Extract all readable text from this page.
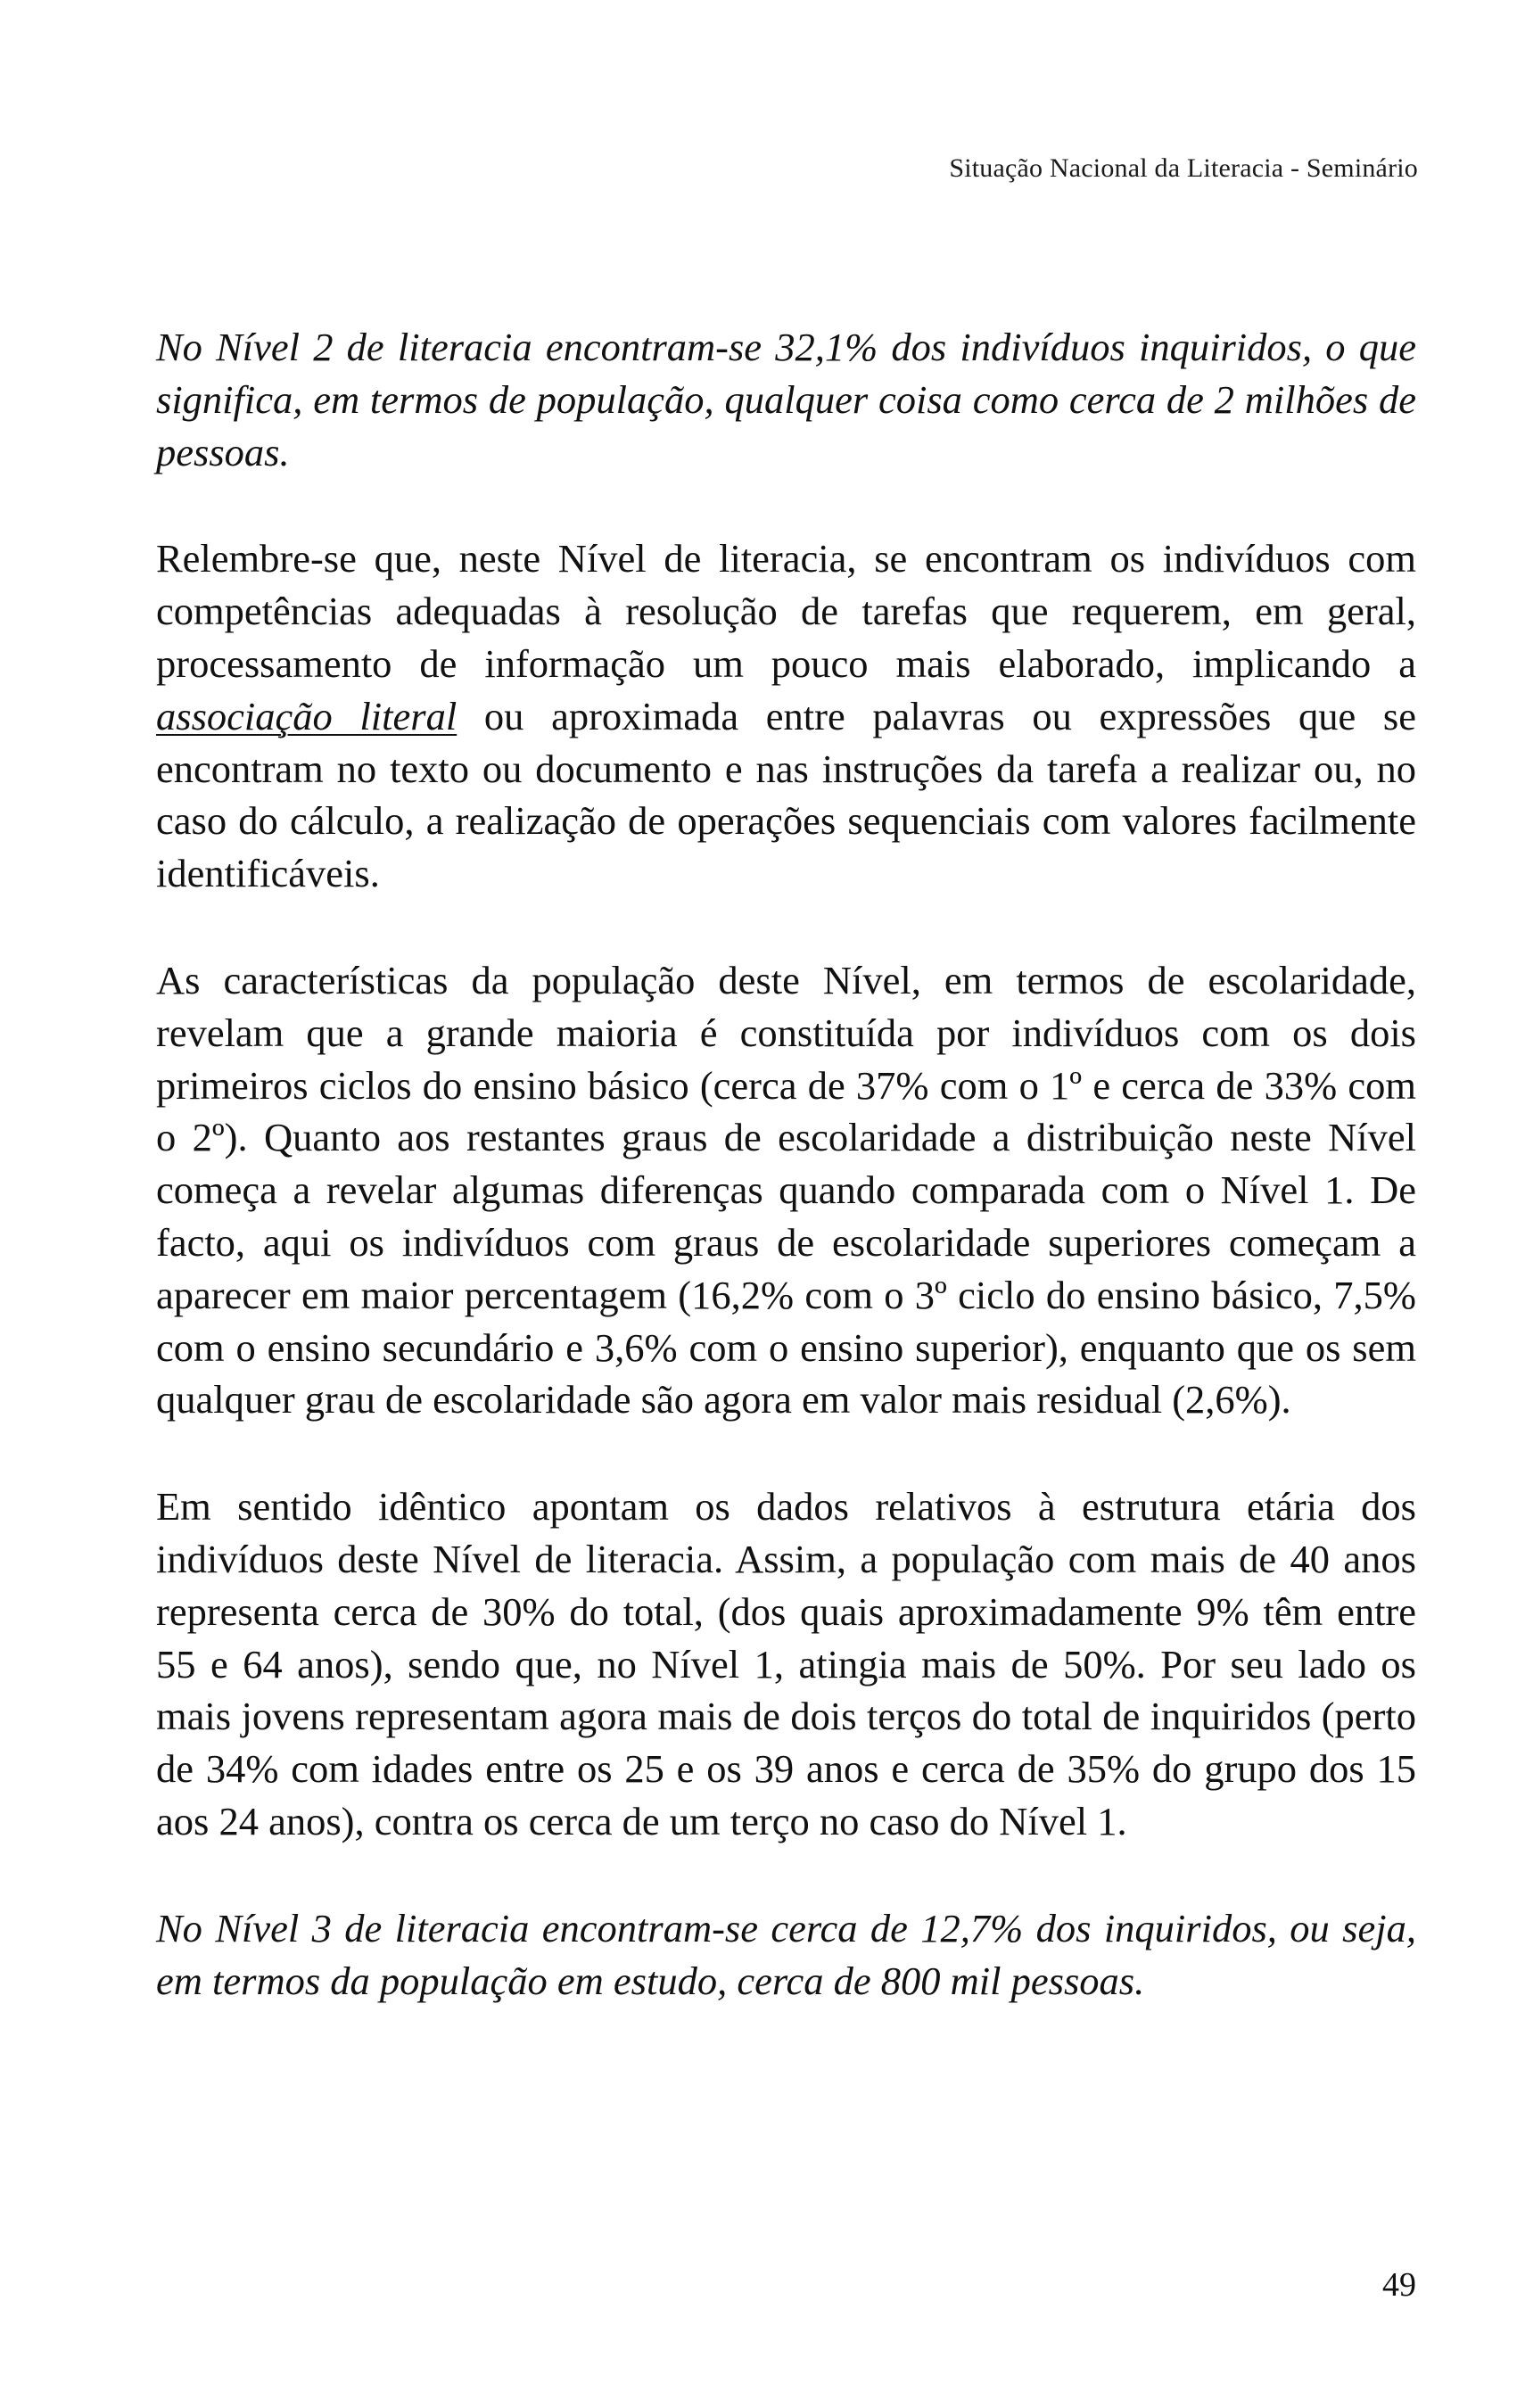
Situação Nacional da Literacia - Seminário

No Nível 2 de literacia encontram-se 32,1% dos indivíduos inquiridos, o que significa, em termos de população, qualquer coisa como cerca de 2 milhões de pessoas.

Relembre-se que, neste Nível de literacia, se encontram os indivíduos com competências adequadas à resolução de tarefas que requerem, em geral, processamento de informação um pouco mais elaborado, implicando a associação literal ou aproximada entre palavras ou expressões que se encontram no texto ou documento e nas instruções da tarefa a realizar ou, no caso do cálculo, a realização de operações sequenciais com valores facilmente identificáveis.

As características da população deste Nível, em termos de escolaridade, revelam que a grande maioria é constituída por indivíduos com os dois primeiros ciclos do ensino básico (cerca de 37% com o 1º e cerca de 33% com o 2º). Quanto aos restantes graus de escolaridade a distribuição neste Nível começa a revelar algumas diferenças quando comparada com o Nível 1. De facto, aqui os indivíduos com graus de escolaridade superiores começam a aparecer em maior percentagem (16,2% com o 3º ciclo do ensino básico, 7,5% com o ensino secundário e 3,6% com o ensino superior), enquanto que os sem qualquer grau de escolaridade são agora em valor mais residual (2,6%).

Em sentido idêntico apontam os dados relativos à estrutura etária dos indivíduos deste Nível de literacia. Assim, a população com mais de 40 anos representa cerca de 30% do total, (dos quais aproximadamente 9% têm entre 55 e 64 anos), sendo que, no Nível 1, atingia mais de 50%. Por seu lado os mais jovens representam agora mais de dois terços do total de inquiridos (perto de 34% com idades entre os 25 e os 39 anos e cerca de 35% do grupo dos 15 aos 24 anos), contra os cerca de um terço no caso do Nível 1.

No Nível 3 de literacia encontram-se cerca de 12,7% dos inquiridos, ou seja, em termos da população em estudo, cerca de 800 mil pessoas.

49
